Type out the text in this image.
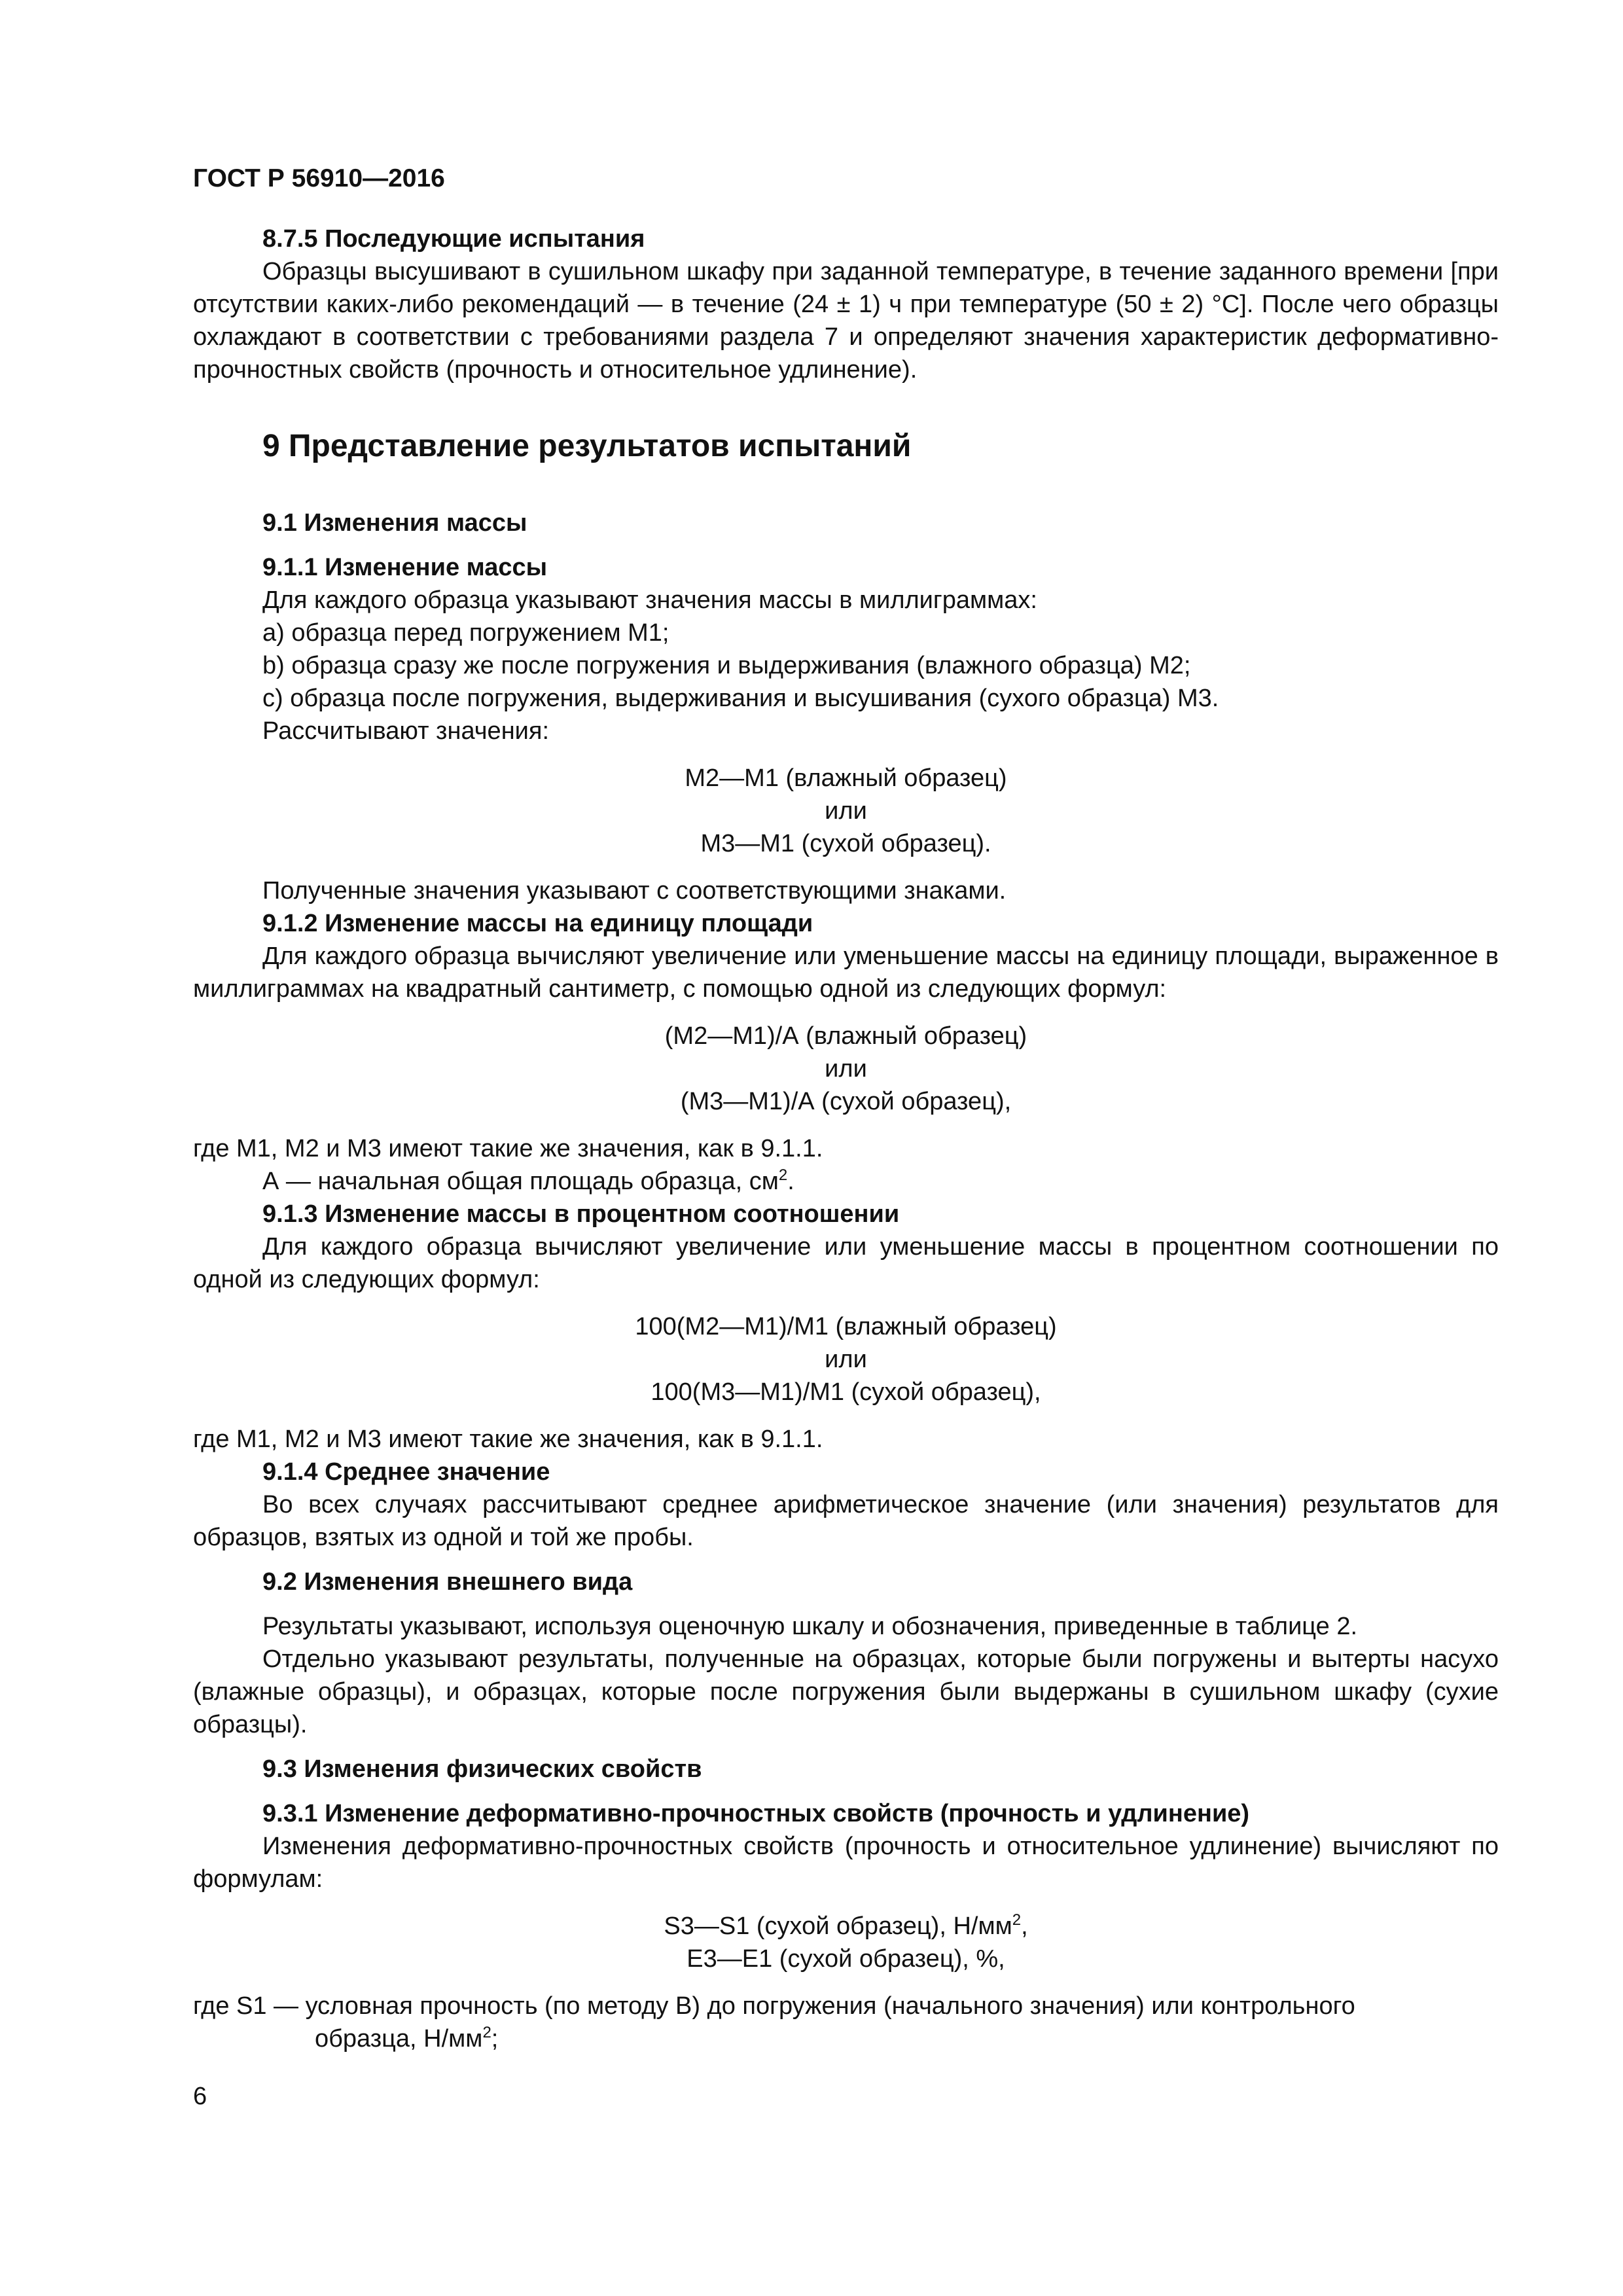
ГОСТ Р 56910—2016

8.7.5 Последующие испытания

Образцы высушивают в сушильном шкафу при заданной температуре, в течение заданного времени [при отсутствии каких-либо рекомендаций — в течение (24 ± 1) ч при температуре (50 ± 2) °С]. После чего образцы охлаждают в соответствии с требованиями раздела 7 и определяют значения характеристик деформативно-прочностных свойств (прочность и относительное удлинение).

9 Представление результатов испытаний

9.1 Изменения массы

9.1.1 Изменение массы

Для каждого образца указывают значения массы в миллиграммах:

а) образца перед погружением М1;

b) образца сразу же после погружения и выдерживания (влажного образца) М2;

с) образца после погружения, выдерживания и высушивания (сухого образца) М3.

Рассчитывают значения:

М2—М1 (влажный образец)

или

М3—М1 (сухой образец).

Полученные значения указывают с соответствующими знаками.

9.1.2 Изменение массы на единицу площади

Для каждого образца вычисляют увеличение или уменьшение массы на единицу площади, выраженное в миллиграммах на квадратный сантиметр, с помощью одной из следующих формул:

(М2—М1)/А (влажный образец)

или

(М3—М1)/А (сухой образец),

где М1, М2 и М3 имеют такие же значения, как в 9.1.1.

А — начальная общая площадь образца, $см^2$.

9.1.3 Изменение массы в процентном соотношении

Для каждого образца вычисляют увеличение или уменьшение массы в процентном соотношении по одной из следующих формул:

100(М2—М1)/М1 (влажный образец)

или

100(М3—М1)/М1 (сухой образец),

где М1, М2 и М3 имеют такие же значения, как в 9.1.1.

9.1.4 Среднее значение

Во всех случаях рассчитывают среднее арифметическое значение (или значения) результатов для образцов, взятых из одной и той же пробы.

9.2 Изменения внешнего вида

Результаты указывают, используя оценочную шкалу и обозначения, приведенные в таблице 2.

Отдельно указывают результаты, полученные на образцах, которые были погружены и вытерты насухо (влажные образцы), и образцах, которые после погружения были выдержаны в сушильном шкафу (сухие образцы).

9.3 Изменения физических свойств

9.3.1 Изменение деформативно-прочностных свойств (прочность и удлинение)

Изменения деформативно-прочностных свойств (прочность и относительное удлинение) вычисляют по формулам:

S3—S1 (сухой образец), $Н/мм^2$,

E3—E1 (сухой образец), %,

где S1 — условная прочность (по методу В) до погружения (начального значения) или контрольного

образца, $Н/мм^2$;

6
